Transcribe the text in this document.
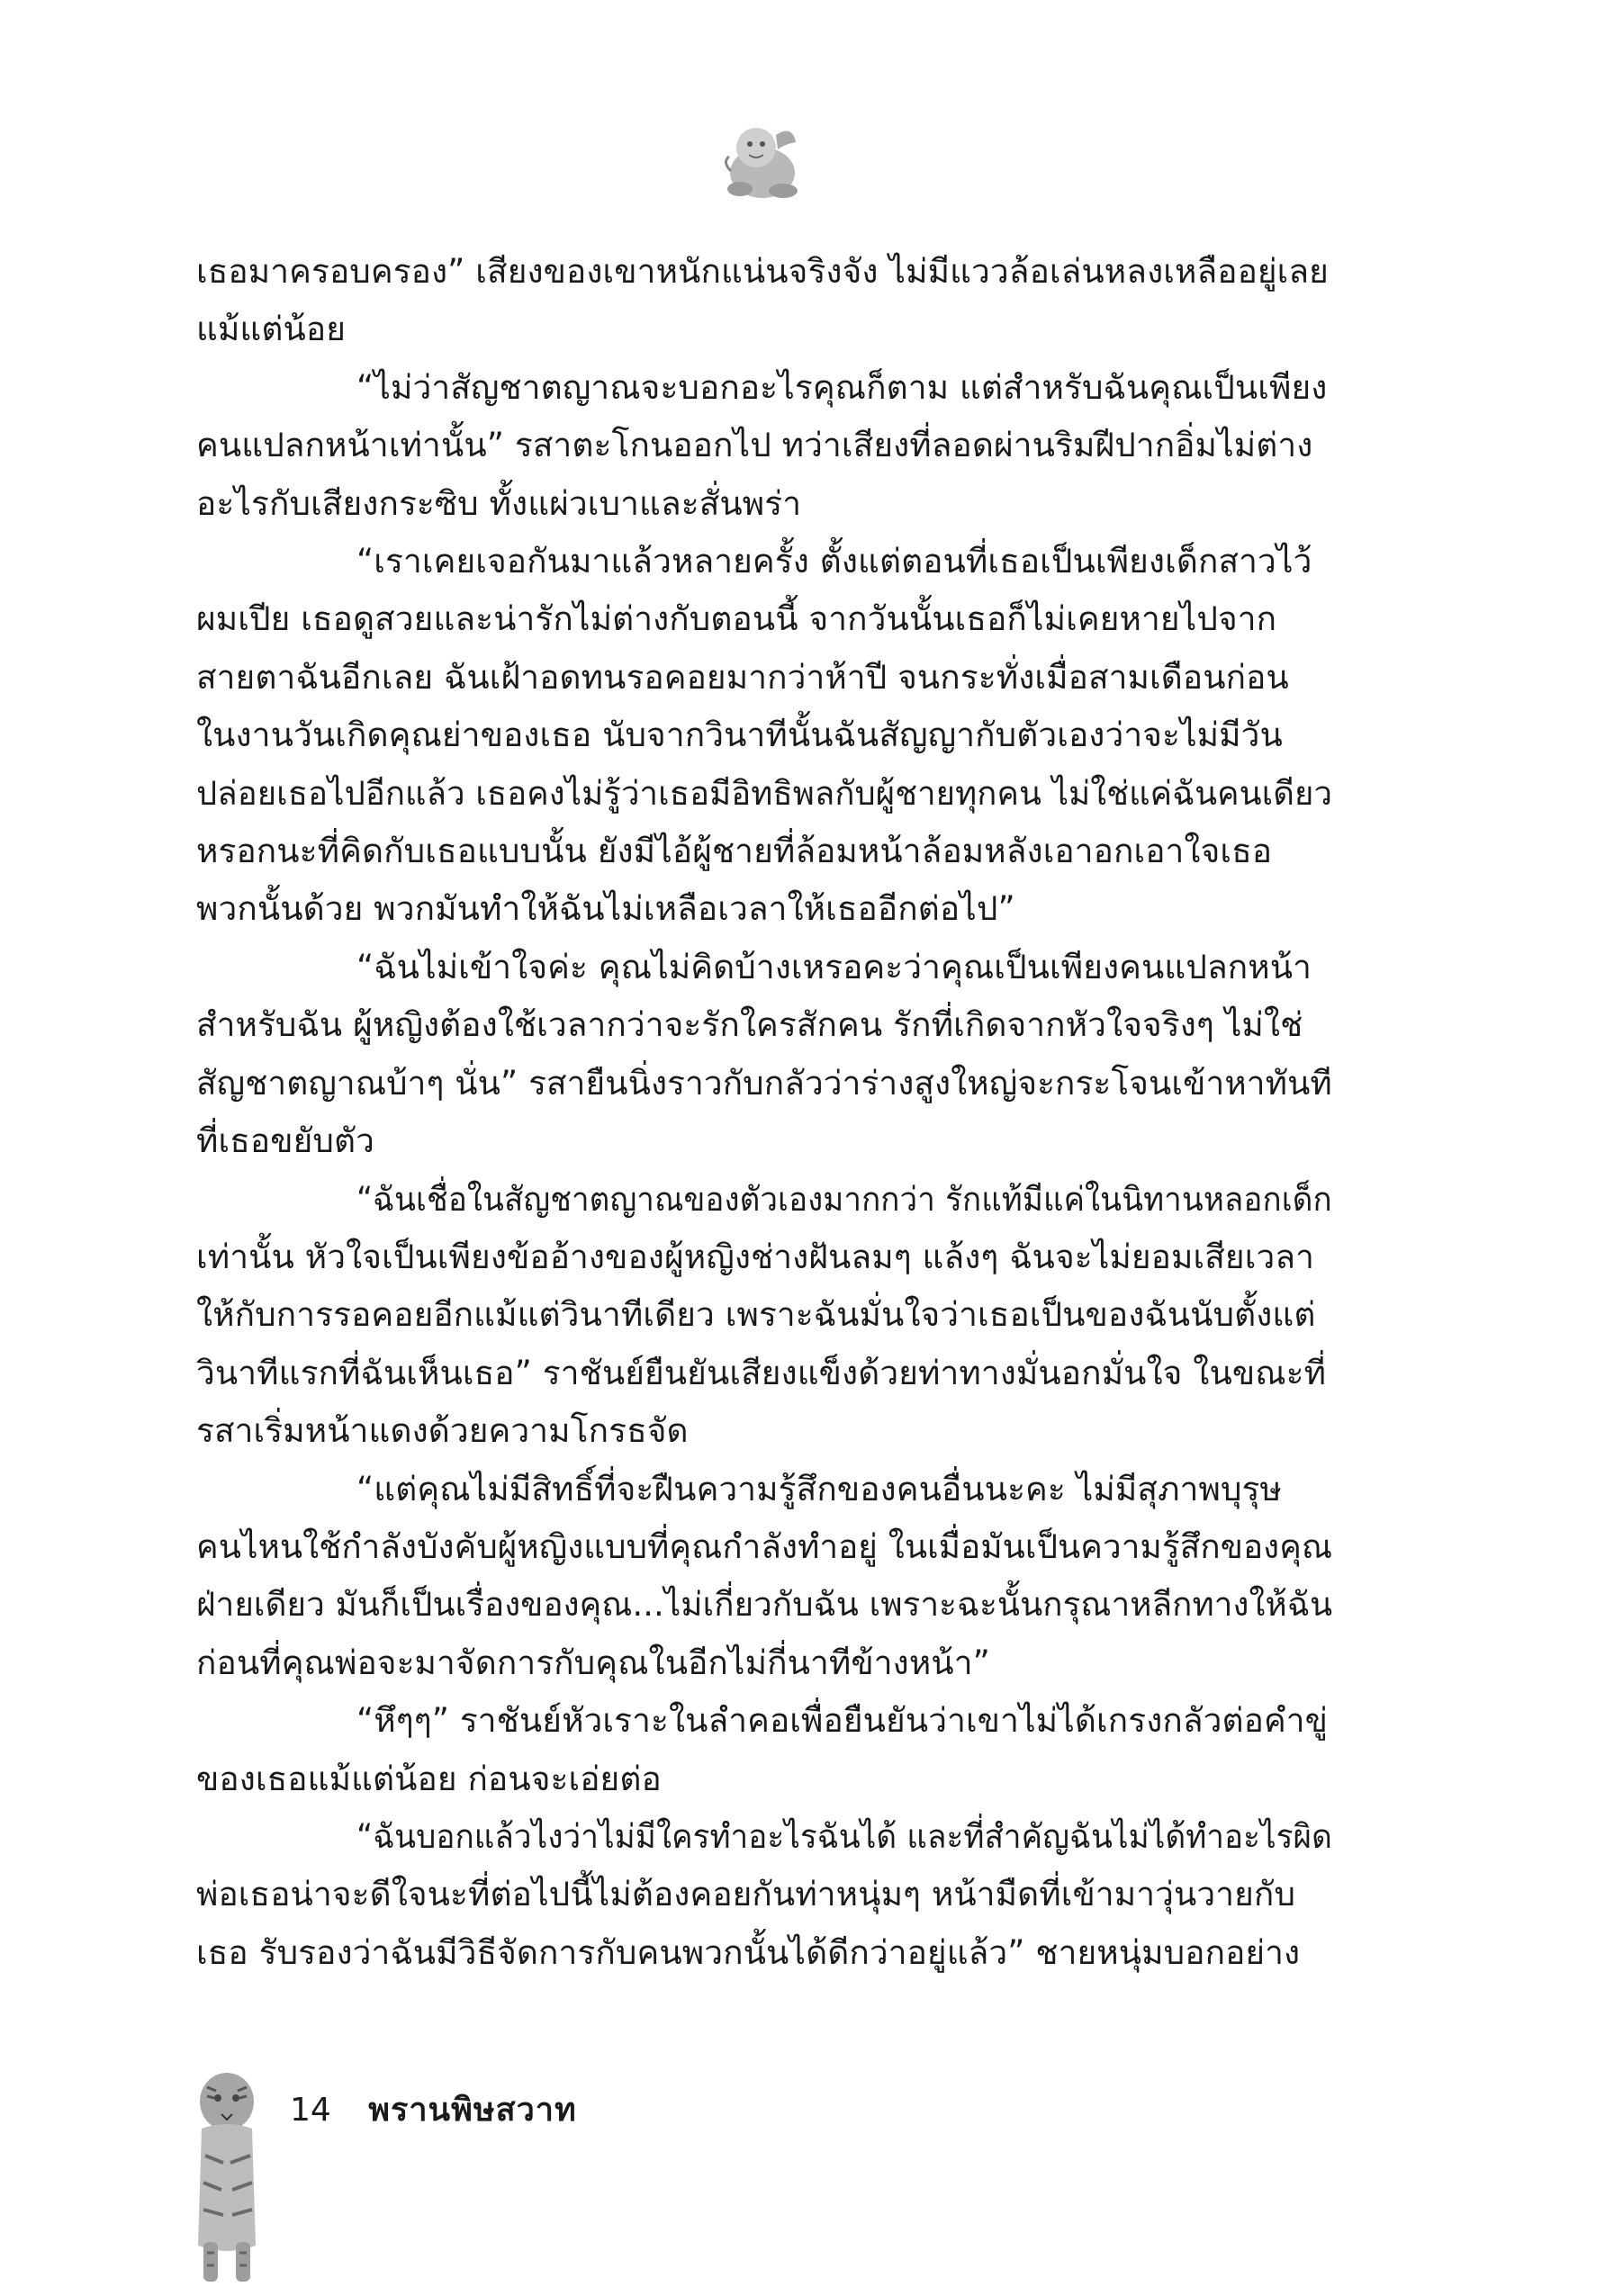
เธอมาครอบครอง” เสียงของเขาหนักแน่นจริงจัง ไม่มีแววล้อเล่นหลงเหลืออยู่เลย
แม้แต่น้อย

“ไม่ว่าสัญชาตญาณจะบอกอะไรคุณก็ตาม แต่สำหรับฉันคุณเป็นเพียง
คนแปลกหน้าเท่านั้น” รสาตะโกนออกไป ทว่าเสียงที่ลอดผ่านริมฝีปากอิ่มไม่ต่าง
อะไรกับเสียงกระซิบ ทั้งแผ่วเบาและสั่นพร่า

“เราเคยเจอกันมาแล้วหลายครั้ง ตั้งแต่ตอนที่เธอเป็นเพียงเด็กสาวไว้
ผมเปีย เธอดูสวยและน่ารักไม่ต่างกับตอนนี้ จากวันนั้นเธอก็ไม่เคยหายไปจาก
สายตาฉันอีกเลย ฉันเฝ้าอดทนรอคอยมากว่าห้าปี จนกระทั่งเมื่อสามเดือนก่อน
ในงานวันเกิดคุณย่าของเธอ นับจากวินาทีนั้นฉันสัญญากับตัวเองว่าจะไม่มีวัน
ปล่อยเธอไปอีกแล้ว เธอคงไม่รู้ว่าเธอมีอิทธิพลกับผู้ชายทุกคน ไม่ใช่แค่ฉันคนเดียว
หรอกนะที่คิดกับเธอแบบนั้น ยังมีไอ้ผู้ชายที่ล้อมหน้าล้อมหลังเอาอกเอาใจเธอ
พวกนั้นด้วย พวกมันทำให้ฉันไม่เหลือเวลาให้เธออีกต่อไป”

“ฉันไม่เข้าใจค่ะ คุณไม่คิดบ้างเหรอคะว่าคุณเป็นเพียงคนแปลกหน้า
สำหรับฉัน ผู้หญิงต้องใช้เวลากว่าจะรักใครสักคน รักที่เกิดจากหัวใจจริงๆ ไม่ใช่
สัญชาตญาณบ้าๆ นั่น” รสายืนนิ่งราวกับกลัวว่าร่างสูงใหญ่จะกระโจนเข้าหาทันที
ที่เธอขยับตัว

“ฉันเชื่อในสัญชาตญาณของตัวเองมากกว่า รักแท้มีแค่ในนิทานหลอกเด็ก
เท่านั้น หัวใจเป็นเพียงข้ออ้างของผู้หญิงช่างฝันลมๆ แล้งๆ ฉันจะไม่ยอมเสียเวลา
ให้กับการรอคอยอีกแม้แต่วินาทีเดียว เพราะฉันมั่นใจว่าเธอเป็นของฉันนับตั้งแต่
วินาทีแรกที่ฉันเห็นเธอ” ราชันย์ยืนยันเสียงแข็งด้วยท่าทางมั่นอกมั่นใจ ในขณะที่
รสาเริ่มหน้าแดงด้วยความโกรธจัด

“แต่คุณไม่มีสิทธิ์ที่จะฝืนความรู้สึกของคนอื่นนะคะ ไม่มีสุภาพบุรุษ
คนไหนใช้กำลังบังคับผู้หญิงแบบที่คุณกำลังทำอยู่ ในเมื่อมันเป็นความรู้สึกของคุณ
ฝ่ายเดียว มันก็เป็นเรื่องของคุณ...ไม่เกี่ยวกับฉัน เพราะฉะนั้นกรุณาหลีกทางให้ฉัน
ก่อนที่คุณพ่อจะมาจัดการกับคุณในอีกไม่กี่นาทีข้างหน้า”

“หึๆๆ” ราชันย์หัวเราะในลำคอเพื่อยืนยันว่าเขาไม่ได้เกรงกลัวต่อคำขู่
ของเธอแม้แต่น้อย ก่อนจะเอ่ยต่อ

“ฉันบอกแล้วไงว่าไม่มีใครทำอะไรฉันได้ และที่สำคัญฉันไม่ได้ทำอะไรผิด
พ่อเธอน่าจะดีใจนะที่ต่อไปนี้ไม่ต้องคอยกันท่าหนุ่มๆ หน้ามืดที่เข้ามาวุ่นวายกับ
เธอ รับรองว่าฉันมีวิธีจัดการกับคนพวกนั้นได้ดีกว่าอยู่แล้ว” ชายหนุ่มบอกอย่าง

14 พรานพิษสวาท
